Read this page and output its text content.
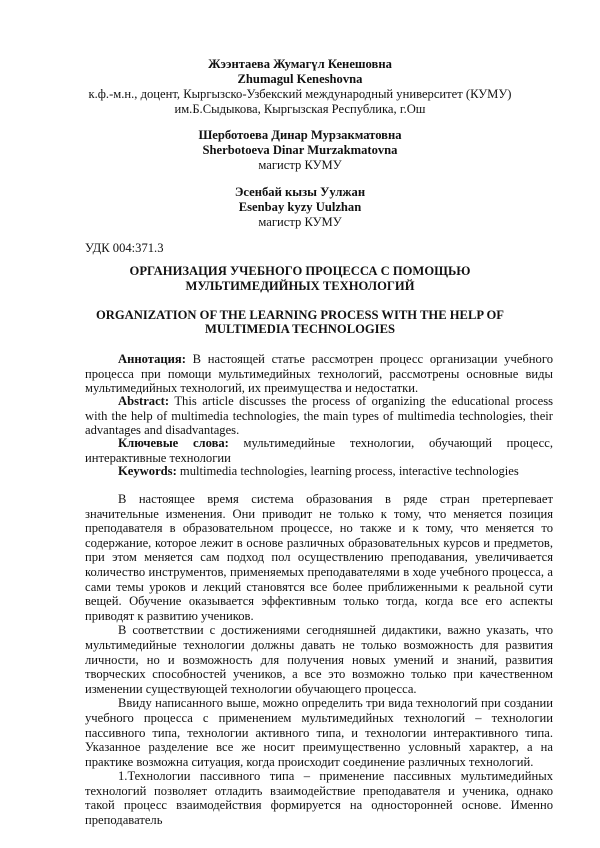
Жээнтаева Жумагүл Кенешовна
Zhumagul Keneshovna
к.ф.-м.н., доцент, Кыргызско-Узбекский международный университет (КУМУ)
им.Б.Сыдыкова, Кыргызская Республика, г.Ош
Шерботоева Динар Мурзакматовна
Sherbotoeva Dinar Murzakmatovna
магистр КУМУ
Эсенбай кызы Уулжан
Esenbay kyzy Uulzhan
магистр КУМУ
УДК 004:371.3
ОРГАНИЗАЦИЯ УЧЕБНОГО ПРОЦЕССА С ПОМОЩЬЮ
МУЛЬТИМЕДИЙНЫХ ТЕХНОЛОГИЙ
ORGANIZATION OF THE LEARNING PROCESS WITH THE HELP OF
MULTIMEDIA TECHNOLOGIES

Аннотация: В настоящей статье рассмотрен процесс организации учебного процесса при помощи мультимедийных технологий, рассмотрены основные виды мультимедийных технологий, их преимущества и недостатки.

Abstract: This article discusses the process of organizing the educational process with the help of multimedia technologies, the main types of multimedia technologies, their advantages and disadvantages.

Ключевые слова: мультимедийные технологии, обучающий процесс, интерактивные технологии

Keywords: multimedia technologies, learning process, interactive technologies

В настоящее время система образования в ряде стран претерпевает значительные изменения. Они приводит не только к тому, что меняется позиция преподавателя в образовательном процессе, но также и к тому, что меняется то содержание, которое лежит в основе различных образовательных курсов и предметов, при этом меняется сам подход пол осуществлению преподавания, увеличивается количество инструментов, применяемых преподавателями в ходе учебного процесса, а сами темы уроков и лекций становятся все более приближенными к реальной сути вещей. Обучение оказывается эффективным только тогда, когда все его аспекты приводят к развитию учеников.

В соответствии с достижениями сегодняшней дидактики, важно указать, что мультимедийные технологии должны давать не только возможность для развития личности, но и возможность для получения новых умений и знаний, развития творческих способностей учеников, а все это возможно только при качественном изменении существующей технологии обучающего процесса.

Ввиду написанного выше, можно определить три вида технологий при создании учебного процесса с применением мультимедийных технологий – технологии пассивного типа, технологии активного типа, и технологии интерактивного типа. Указанное разделение все же носит преимущественно условный характер, а на практике возможна ситуация, когда происходит соединение различных технологий.

1.Технологии пассивного типа – применение пассивных мультимедийных технологий позволяет отладить взаимодействие преподавателя и ученика, однако такой процесс взаимодействия формируется на односторонней основе. Именно преподаватель
